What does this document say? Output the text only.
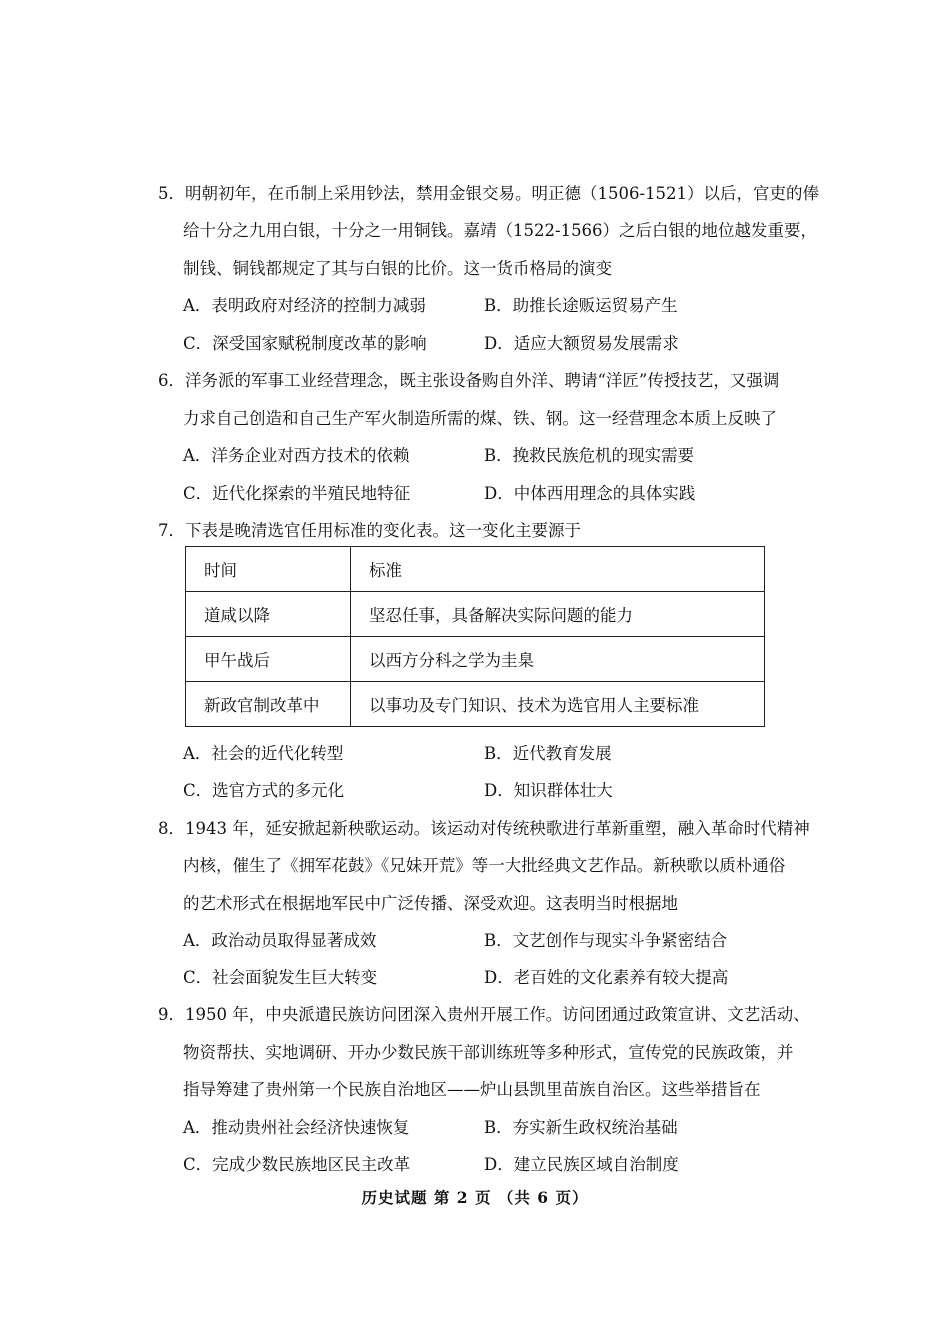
5．明朝初年，在币制上采用钞法，禁用金银交易。明正德（1506-1521）以后，官吏的俸
给十分之九用白银，十分之一用铜钱。嘉靖（1522-1566）之后白银的地位越发重要，
制钱、铜钱都规定了其与白银的比价。这一货币格局的演变
A．表明政府对经济的控制力减弱	B．助推长途贩运贸易产生
C．深受国家赋税制度改革的影响	D．适应大额贸易发展需求
6．洋务派的军事工业经营理念，既主张设备购自外洋、聘请“洋匠”传授技艺，又强调
力求自己创造和自己生产军火制造所需的煤、铁、钢。这一经营理念本质上反映了
A．洋务企业对西方技术的依赖	B．挽救民族危机的现实需要
C．近代化探索的半殖民地特征	D．中体西用理念的具体实践
7．下表是晚清选官任用标准的变化表。这一变化主要源于
时间	标准
道咸以降	坚忍任事，具备解决实际问题的能力
甲午战后	以西方分科之学为圭臬
新政官制改革中	以事功及专门知识、技术为选官用人主要标准
A．社会的近代化转型	B．近代教育发展
C．选官方式的多元化	D．知识群体壮大
8．1943 年，延安掀起新秧歌运动。该运动对传统秧歌进行革新重塑，融入革命时代精神
内核，催生了《拥军花鼓》《兄妹开荒》等一大批经典文艺作品。新秧歌以质朴通俗
的艺术形式在根据地军民中广泛传播、深受欢迎。这表明当时根据地
A．政治动员取得显著成效	B．文艺创作与现实斗争紧密结合
C．社会面貌发生巨大转变	D．老百姓的文化素养有较大提高
9．1950 年，中央派遣民族访问团深入贵州开展工作。访问团通过政策宣讲、文艺活动、
物资帮扶、实地调研、开办少数民族干部训练班等多种形式，宣传党的民族政策，并
指导筹建了贵州第一个民族自治地区——炉山县凯里苗族自治区。这些举措旨在
A．推动贵州社会经济快速恢复	B．夯实新生政权统治基础
C．完成少数民族地区民主改革	D．建立民族区域自治制度
历史试题 第 2 页 （共 6 页）
